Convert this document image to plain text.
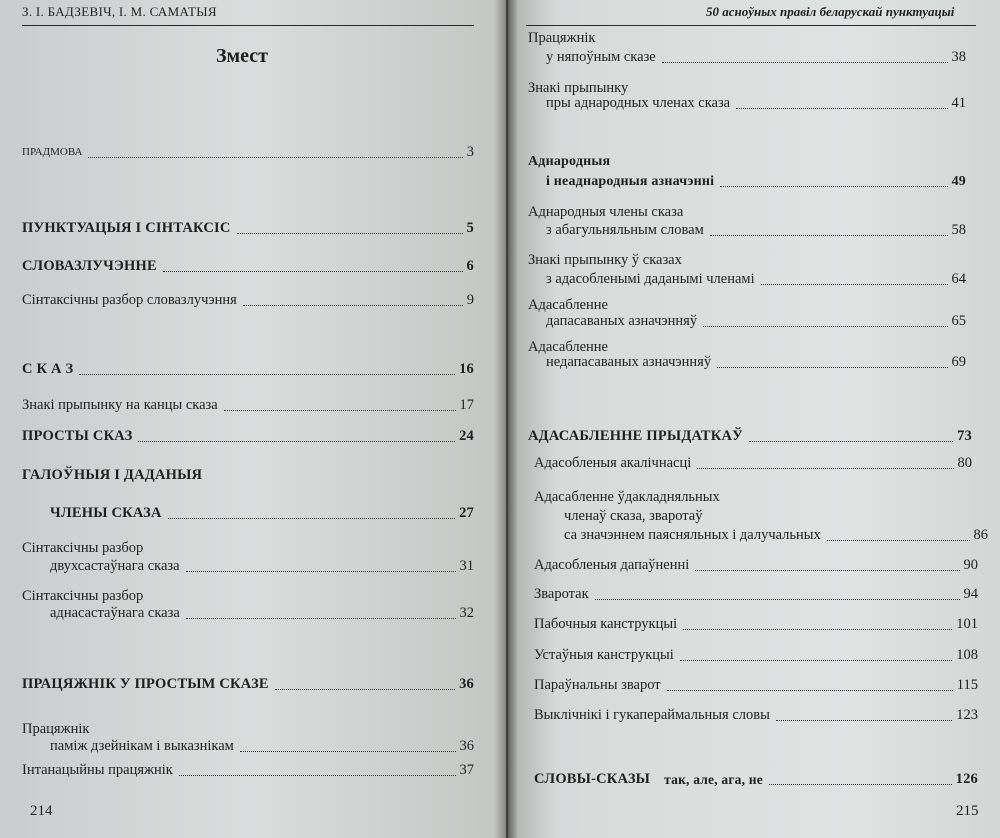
З. І. БАДЗЕВІЧ, І. М. САМАТЫЯ
Змест
ПРАДМОВА	3
ПУНКТУАЦЫЯ І СІНТАКСІС	5
СЛОВАЗЛУЧЭННЕ	6
Сінтаксічны разбор словазлучэння	9
С К А З	16
Знакі прыпынку на канцы сказа	17
ПРОСТЫ СКАЗ	24
ГАЛОЎНЫЯ І ДАДАНЫЯ
ЧЛЕНЫ СКАЗА	27
Сінтаксічны разбор
двухсастаўнага сказа	31
Сінтаксічны разбор
аднасастаўнага сказа	32
ПРАЦЯЖНІК У ПРОСТЫМ СКАЗЕ	36
Працяжнік
паміж дзейнікам і выказнікам	36
Інтанацыйны працяжнік	37
214
50 асноўных правіл беларускай пунктуацыі
Працяжнік
у няпоўным сказе	38
Знакі прыпынку
пры аднародных членах сказа	41
Аднародныя
і неаднародныя азначэнні	49
Аднародныя члены сказа
з абагульняльным словам	58
Знакі прыпынку ў сказах
з адасобленымі даданымі членамі	64
Адасабленне
дапасаваных азначэнняў	65
Адасабленне
недапасаваных азначэнняў	69
АДАСАБЛЕННЕ ПРЫДАТКАЎ	73
Адасобленыя акалічнасці	80
Адасабленне ўдакладняльных
членаў сказа, зваротаў
са значэннем паясняльных і далучальных	86
Адасобленыя дапаўненні	90
Зваротак	94
Пабочныя канструкцыі	101
Устаўныя канструкцыі	108
Параўнальны зварот	115
Выклічнікі і гукапераймальныя словы	123
СЛОВЫ-СКАЗЫ так, але, ага, не	126
215
